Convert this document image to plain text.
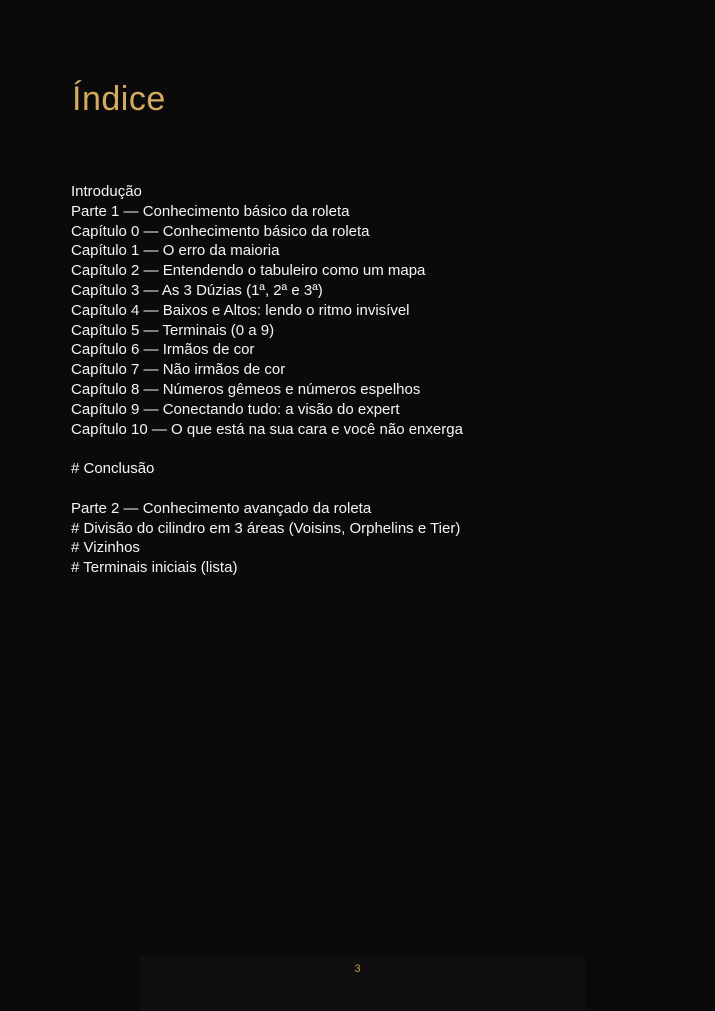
Índice
Introdução
Parte 1 — Conhecimento básico da roleta
Capítulo 0 — Conhecimento básico da roleta
Capítulo 1 — O erro da maioria
Capítulo 2 — Entendendo o tabuleiro como um mapa
Capítulo 3 — As 3 Dúzias (1ª, 2ª e 3ª)
Capítulo 4 — Baixos e Altos: lendo o ritmo invisível
Capítulo 5 — Terminais (0 a 9)
Capítulo 6 — Irmãos de cor
Capítulo 7 — Não irmãos de cor
Capítulo 8 — Números gêmeos e números espelhos
Capítulo 9 — Conectando tudo: a visão do expert
Capítulo 10 — O que está na sua cara e você não enxerga
# Conclusão
Parte 2 — Conhecimento avançado da roleta
# Divisão do cilindro em 3 áreas (Voisins, Orphelins e Tier)
# Vizinhos
# Terminais iniciais (lista)
3
